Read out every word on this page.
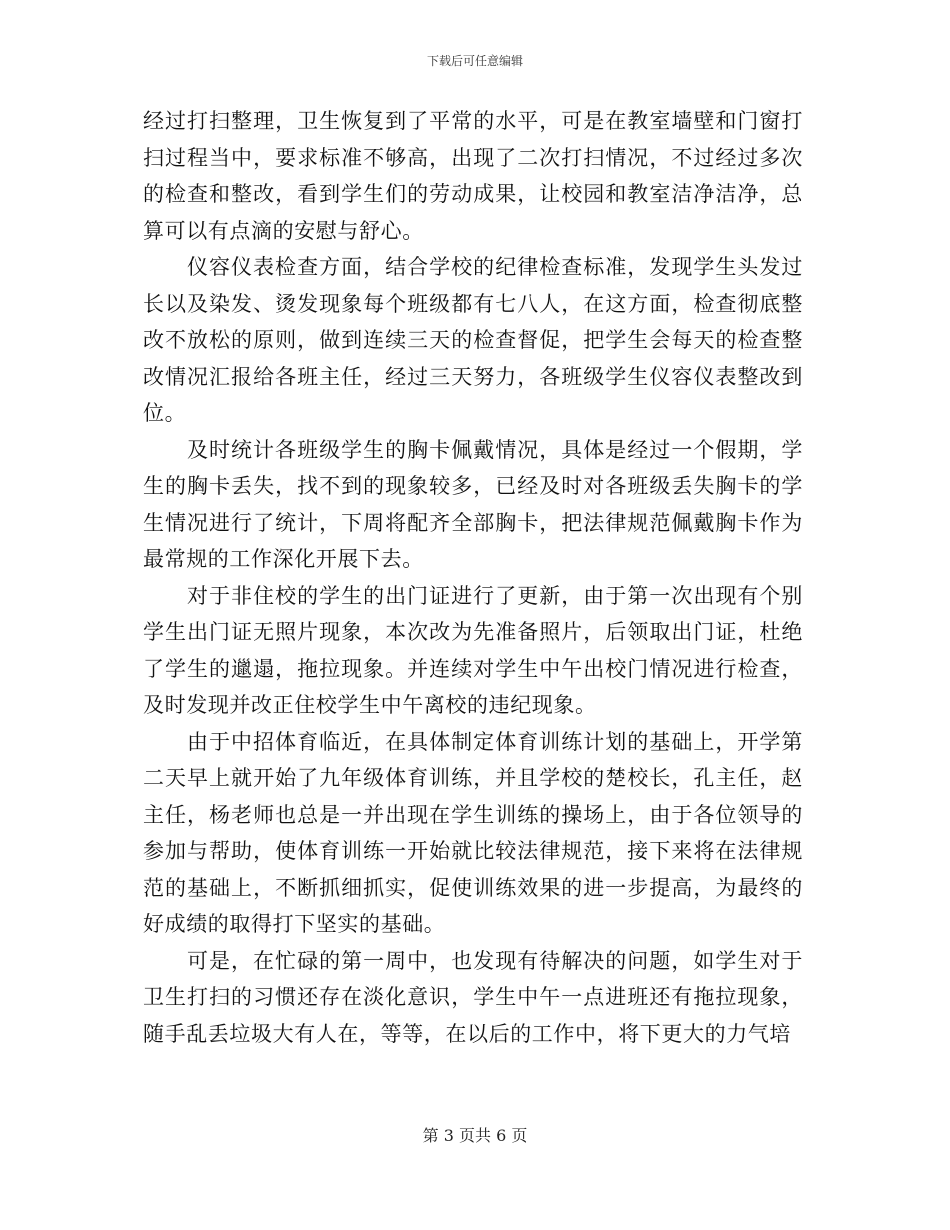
下载后可任意编辑

经过打扫整理，卫生恢复到了平常的水平，可是在教室墙壁和门窗打扫过程当中，要求标准不够高，出现了二次打扫情况，不过经过多次的检查和整改，看到学生们的劳动成果，让校园和教室洁净洁净，总算可以有点滴的安慰与舒心。

仪容仪表检查方面，结合学校的纪律检查标准，发现学生头发过长以及染发、烫发现象每个班级都有七八人，在这方面，检查彻底整改不放松的原则，做到连续三天的检查督促，把学生会每天的检查整改情况汇报给各班主任，经过三天努力，各班级学生仪容仪表整改到位。

及时统计各班级学生的胸卡佩戴情况，具体是经过一个假期，学生的胸卡丢失，找不到的现象较多，已经及时对各班级丢失胸卡的学生情况进行了统计，下周将配齐全部胸卡，把法律规范佩戴胸卡作为最常规的工作深化开展下去。

对于非住校的学生的出门证进行了更新，由于第一次出现有个别学生出门证无照片现象，本次改为先准备照片，后领取出门证，杜绝了学生的邋遢，拖拉现象。并连续对学生中午出校门情况进行检查，及时发现并改正住校学生中午离校的违纪现象。

由于中招体育临近，在具体制定体育训练计划的基础上，开学第二天早上就开始了九年级体育训练，并且学校的楚校长，孔主任，赵主任，杨老师也总是一并出现在学生训练的操场上，由于各位领导的参加与帮助，使体育训练一开始就比较法律规范，接下来将在法律规范的基础上，不断抓细抓实，促使训练效果的进一步提高，为最终的好成绩的取得打下坚实的基础。

可是，在忙碌的第一周中，也发现有待解决的问题，如学生对于卫生打扫的习惯还存在淡化意识，学生中午一点进班还有拖拉现象，随手乱丢垃圾大有人在，等等，在以后的工作中，将下更大的力气培

第 3 页共 6 页
